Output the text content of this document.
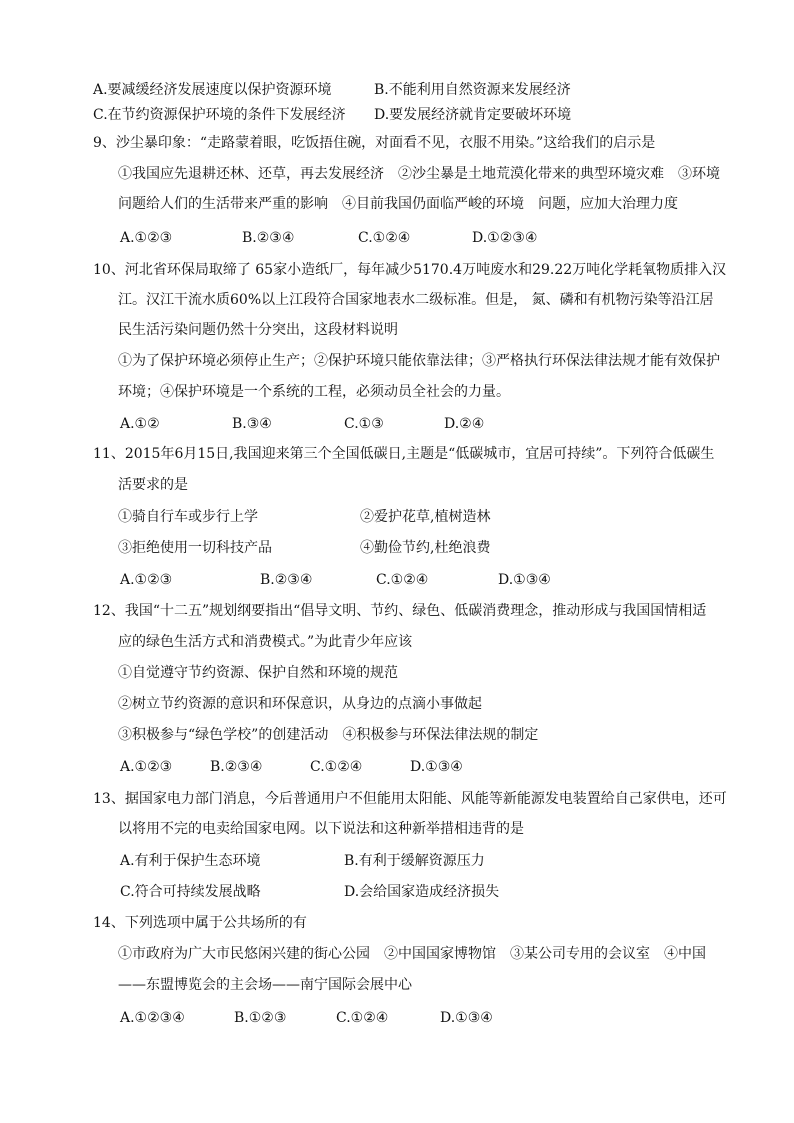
A.要减缓经济发展速度以保护资源环境	B.不能利用自然资源来发展经济
C.在节约资源保护环境的条件下发展经济 D.要发展经济就肯定要破坏环境
9、沙尘暴印象：“走路蒙着眼，吃饭捂住碗，对面看不见，衣服不用染。”这给我们的启示是
①我国应先退耕还林、还草，再去发展经济　②沙尘暴是土地荒漠化带来的典型环境灾难　③环境
问题给人们的生活带来严重的影响　④目前我国仍面临严峻的环境　问题，应加大治理力度
A.①②③	B.②③④	C.①②④	D.①②③④
10、河北省环保局取缔了 65家小造纸厂，每年减少5170.4万吨废水和29.22万吨化学耗氧物质排入汉
江。汉江干流水质60%以上江段符合国家地表水二级标准。但是， 氮、磷和有机物污染等沿江居
民生活污染问题仍然十分突出，这段材料说明
①为了保护环境必须停止生产；②保护环境只能依靠法律；③严格执行环保法律法规才能有效保护
环境；④保护环境是一个系统的工程，必须动员全社会的力量。
A.①②	B.③④	C.①③	D.②④
11、2015年6月15日,我国迎来第三个全国低碳日,主题是“低碳城市，宜居可持续”。下列符合低碳生
活要求的是
①骑自行车或步行上学	②爱护花草,植树造林
③拒绝使用一切科技产品	④勤俭节约,杜绝浪费
A.①②③	B.②③④	C.①②④	D.①③④
12、我国“十二五”规划纲要指出“倡导文明、节约、绿色、低碳消费理念，推动形成与我国国情相适
应的绿色生活方式和消费模式。”为此青少年应该
①自觉遵守节约资源、保护自然和环境的规范
②树立节约资源的意识和环保意识，从身边的点滴小事做起
③积极参与“绿色学校”的创建活动　④积极参与环保法律法规的制定
A.①②③	B.②③④	C.①②④	D.①③④
13、据国家电力部门消息，今后普通用户不但能用太阳能、风能等新能源发电装置给自己家供电，还可
以将用不完的电卖给国家电网。以下说法和这种新举措相违背的是
A.有利于保护生态环境	B.有利于缓解资源压力
C.符合可持续发展战略	D.会给国家造成经济损失
14、下列选项中属于公共场所的有
①市政府为广大市民悠闲兴建的街心公园　②中国国家博物馆　③某公司专用的会议室　④中国
——东盟博览会的主会场——南宁国际会展中心
A.①②③④	B.①②③	C.①②④	D.①③④
